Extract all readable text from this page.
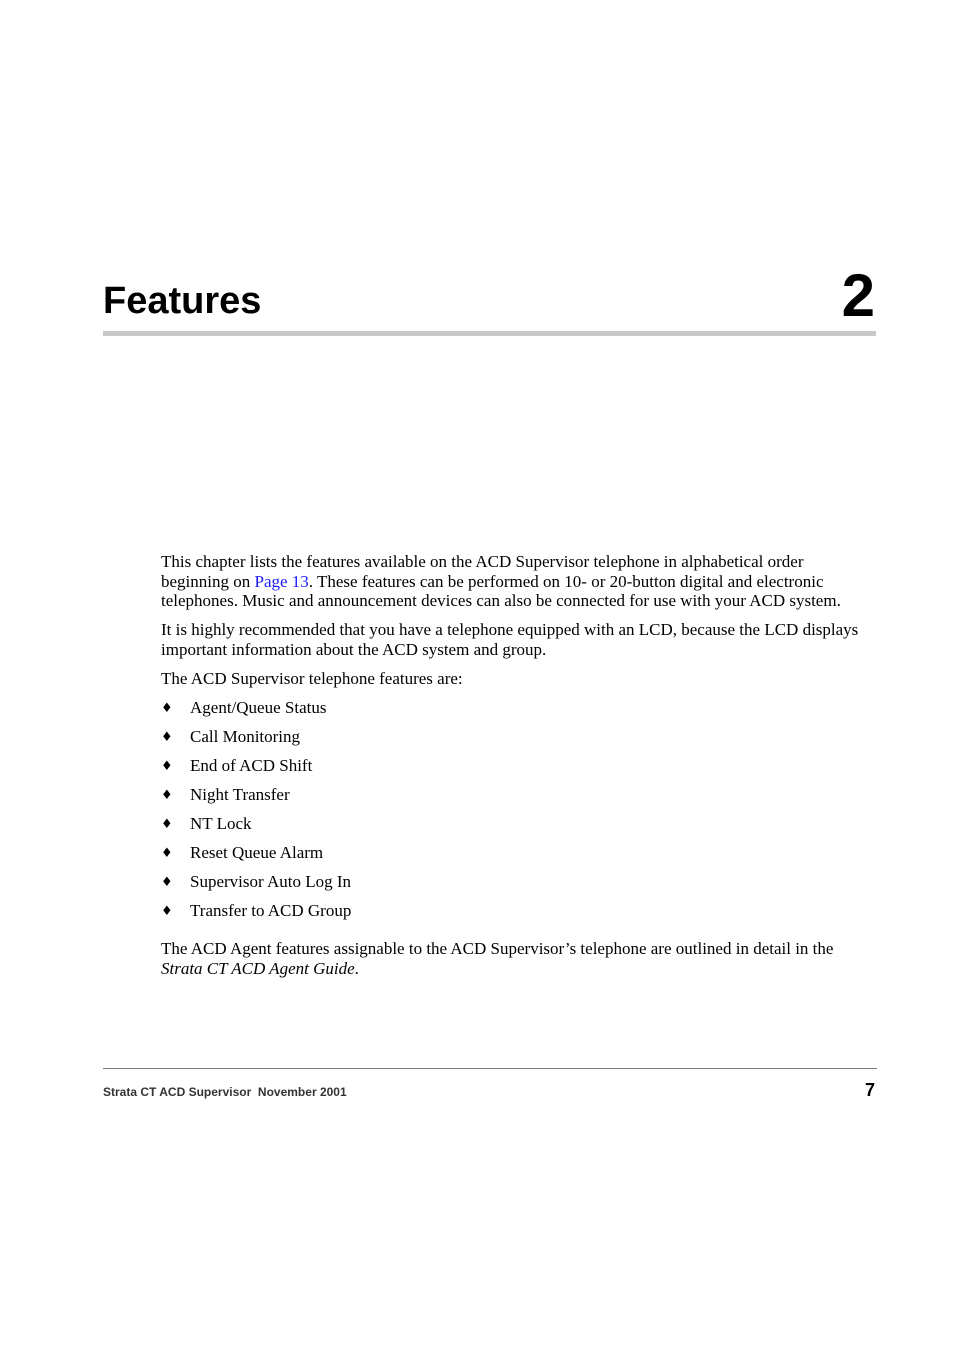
Features	2

This chapter lists the features available on the ACD Supervisor telephone in alphabetical order beginning on Page 13. These features can be performed on 10- or 20-button digital and electronic telephones. Music and announcement devices can also be connected for use with your ACD system.

It is highly recommended that you have a telephone equipped with an LCD, because the LCD displays important information about the ACD system and group.

The ACD Supervisor telephone features are:

♦ Agent/Queue Status
♦ Call Monitoring
♦ End of ACD Shift
♦ Night Transfer
♦ NT Lock
♦ Reset Queue Alarm
♦ Supervisor Auto Log In
♦ Transfer to ACD Group

The ACD Agent features assignable to the ACD Supervisor’s telephone are outlined in detail in the Strata CT ACD Agent Guide.

Strata CT ACD Supervisor  November 2001	7
